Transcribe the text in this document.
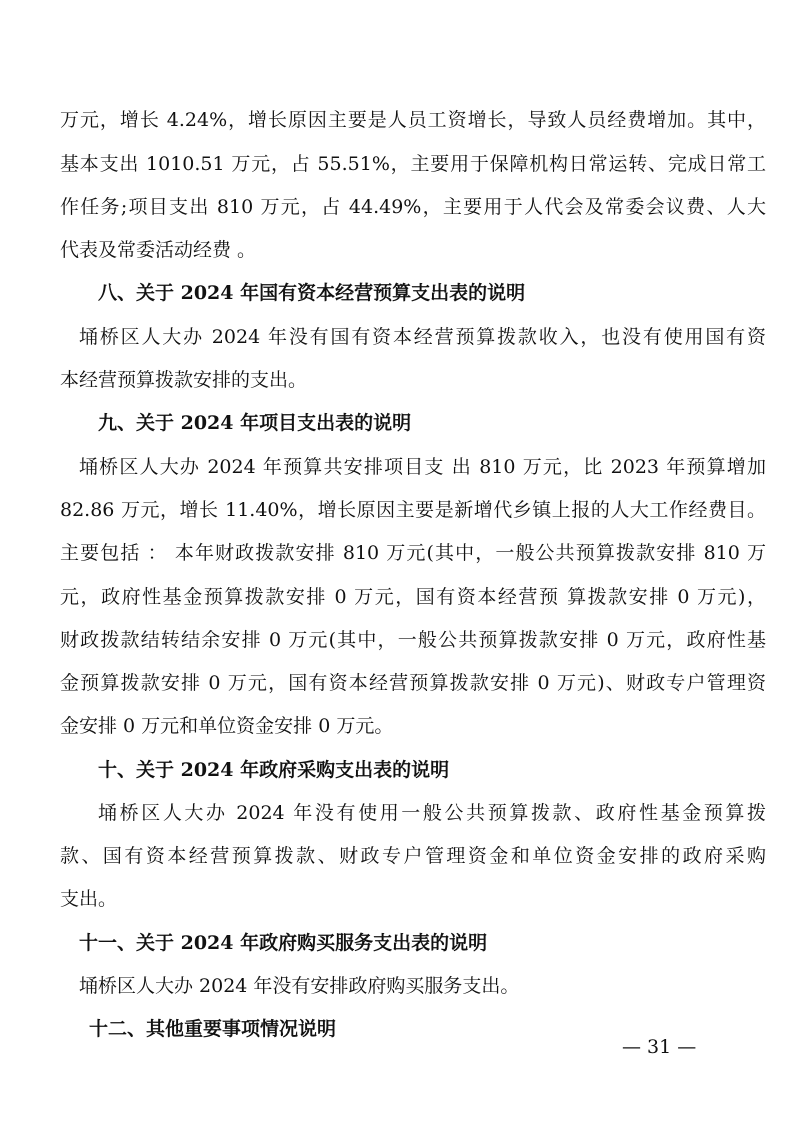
万元，增长 4.24%，增长原因主要是人员工资增长，导致人员经费增加。其中，
基本支出 1010.51 万元，占 55.51%，主要用于保障机构日常运转、完成日常工
作任务;项目支出 810 万元，占 44.49%，主要用于人代会及常委会议费、人大
代表及常委活动经费 。
八、关于 2024 年国有资本经营预算支出表的说明
埇桥区人大办 2024 年没有国有资本经营预算拨款收入，也没有使用国有资
本经营预算拨款安排的支出。
九、关于 2024 年项目支出表的说明
埇桥区人大办 2024 年预算共安排项目支 出 810 万元，比 2023 年预算增加
82.86 万元，增长 11.40%，增长原因主要是新增代乡镇上报的人大工作经费目。
主要包括 ： 本年财政拨款安排 810 万元(其中，一般公共预算拨款安排 810 万
元，政府性基金预算拨款安排 0 万元，国有资本经营预 算拨款安排 0 万元)，
财政拨款结转结余安排 0 万元(其中，一般公共预算拨款安排 0 万元，政府性基
金预算拨款安排 0 万元，国有资本经营预算拨款安排 0 万元)、财政专户管理资
金安排 0 万元和单位资金安排 0 万元。
十、关于 2024 年政府采购支出表的说明
埇桥区人大办 2024 年没有使用一般公共预算拨款、政府性基金预算拨
款、国有资本经营预算拨款、财政专户管理资金和单位资金安排的政府采购
支出。
十一、关于 2024 年政府购买服务支出表的说明
埇桥区人大办 2024 年没有安排政府购买服务支出。
十二、其他重要事项情况说明
— 31 —
